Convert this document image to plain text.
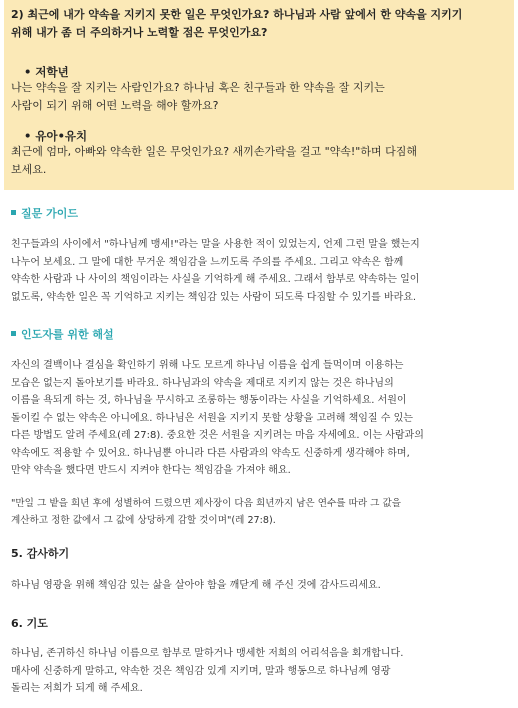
2) 최근에 내가 약속을 지키지 못한 일은 무엇인가요? 하나님과 사람 앞에서 한 약속을 지키기
위해 내가 좀 더 주의하거나 노력할 점은 무엇인가요?
• 저학년
나는 약속을 잘 지키는 사람인가요? 하나님 혹은 친구들과 한 약속을 잘 지키는
사람이 되기 위해 어떤 노력을 해야 할까요?
• 유아•유치
최근에 엄마, 아빠와 약속한 일은 무엇인가요? 새끼손가락을 걸고 "약속!"하며 다짐해
보세요.
질문 가이드
친구들과의 사이에서 "하나님께 맹세!"라는 말을 사용한 적이 있었는지, 언제 그런 말을 했는지
나누어 보세요. 그 말에 대한 무거운 책임감을 느끼도록 주의를 주세요. 그리고 약속은 함께
약속한 사람과 나 사이의 책임이라는 사실을 기억하게 해 주세요. 그래서 함부로 약속하는 일이
없도록, 약속한 일은 꼭 기억하고 지키는 책임감 있는 사람이 되도록 다짐할 수 있기를 바라요.
인도자를 위한 해설
자신의 결백이나 결심을 확인하기 위해 나도 모르게 하나님 이름을 쉽게 들먹이며 이용하는
모습은 없는지 돌아보기를 바라요. 하나님과의 약속을 제대로 지키지 않는 것은 하나님의
이름을 욕되게 하는 것, 하나님을 무시하고 조롱하는 행동이라는 사실을 기억하세요. 서원이
돌이킬 수 없는 약속은 아니에요. 하나님은 서원을 지키지 못할 상황을 고려해 책임질 수 있는
다른 방법도 알려 주세요(레 27:8). 중요한 것은 서원을 지키려는 마음 자세예요. 이는 사람과의
약속에도 적용할 수 있어요. 하나님뿐 아니라 다른 사람과의 약속도 신중하게 생각해야 하며,
만약 약속을 했다면 반드시 지켜야 한다는 책임감을 가져야 해요.
"만일 그 밭을 희년 후에 성별하여 드렸으면 제사장이 다음 희년까지 남은 연수를 따라 그 값을
계산하고 정한 값에서 그 값에 상당하게 감할 것이며"(레 27:8).
5. 감사하기
하나님 영광을 위해 책임감 있는 삶을 살아야 함을 깨닫게 해 주신 것에 감사드리세요.
6. 기도
하나님, 존귀하신 하나님 이름으로 함부로 말하거나 맹세한 저희의 어리석음을 회개합니다.
매사에 신중하게 말하고, 약속한 것은 책임감 있게 지키며, 말과 행동으로 하나님께 영광
돌리는 저희가 되게 해 주세요.
